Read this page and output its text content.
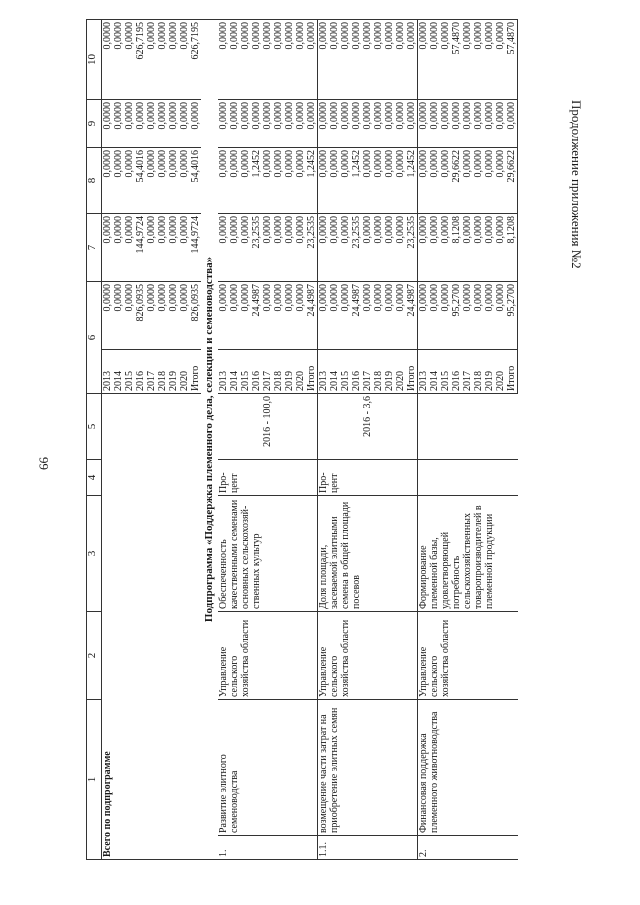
66
Продолжение приложения №2
1		2	3	4	5	6		7	8	9	10
Всего по подпрограмме						2013	0,0000	0,0000	0,0000	0,0000	0,0000
						2014	0,0000	0,0000	0,0000	0,0000	0,0000
						2015	0,0000	0,0000	0,0000	0,0000	0,0000
						2016	826,0935	144,9724	54,4016	0,0000	626,7195
						2017	0,0000	0,0000	0,0000	0,0000	0,0000
						2018	0,0000	0,0000	0,0000	0,0000	0,0000
						2019	0,0000	0,0000	0,0000	0,0000	0,0000
						2020	0,0000	0,0000	0,0000	0,0000	0,0000
						Итого	826,0935	144,9724	54,4016	0,0000	626,7195
Подпрограмма «Поддержка племенного дела, селекции и семеноводства»											
1.	Развитие элитного семеноводства	Управление сельского хозяйства области	Обеспеченность качественными семенами основных сельскохозяй-ственных культур	Про-цент	2016 - 100,0	2013	0,0000	0,0000	0,0000	0,0000	0,0000
						2014	0,0000	0,0000	0,0000	0,0000	0,0000
						2015	0,0000	0,0000	0,0000	0,0000	0,0000
						2016	24,4987	23,2535	1,2452	0,0000	0,0000
						2017	0,0000	0,0000	0,0000	0,0000	0,0000
						2018	0,0000	0,0000	0,0000	0,0000	0,0000
						2019	0,0000	0,0000	0,0000	0,0000	0,0000
						2020	0,0000	0,0000	0,0000	0,0000	0,0000
						Итого	24,4987	23,2535	1,2452	0,0000	0,0000
1.1.	возмещение части затрат на приобретение элитных семян	Управление сельского хозяйства области	Доля площади, засеваемой элитными семена в общей площади посевов	Про-цент	2016 - 3,6	2013	0,0000	0,0000	0,0000	0,0000	0,0000
						2014	0,0000	0,0000	0,0000	0,0000	0,0000
						2015	0,0000	0,0000	0,0000	0,0000	0,0000
						2016	24,4987	23,2535	1,2452	0,0000	0,0000
						2017	0,0000	0,0000	0,0000	0,0000	0,0000
						2018	0,0000	0,0000	0,0000	0,0000	0,0000
						2019	0,0000	0,0000	0,0000	0,0000	0,0000
						2020	0,0000	0,0000	0,0000	0,0000	0,0000
						Итого	24,4987	23,2535	1,2452	0,0000	0,0000
2.	Финансовая поддержка племенного животноводства	Управление сельского хозяйства области	Формирование племенной базы, удовлетворяющей потребность сельскохозяйственных товаропроизводителей в племенной продукции			2013	0,0000	0,0000	0,0000	0,0000	0,0000
						2014	0,0000	0,0000	0,0000	0,0000	0,0000
						2015	0,0000	0,0000	0,0000	0,0000	0,0000
						2016	95,2700	8,1208	29,6622	0,0000	57,4870
						2017	0,0000	0,0000	0,0000	0,0000	0,0000
						2018	0,0000	0,0000	0,0000	0,0000	0,0000
						2019	0,0000	0,0000	0,0000	0,0000	0,0000
						2020	0,0000	0,0000	0,0000	0,0000	0,0000
						Итого	95,2700	8,1208	29,6622	0,0000	57,4870
